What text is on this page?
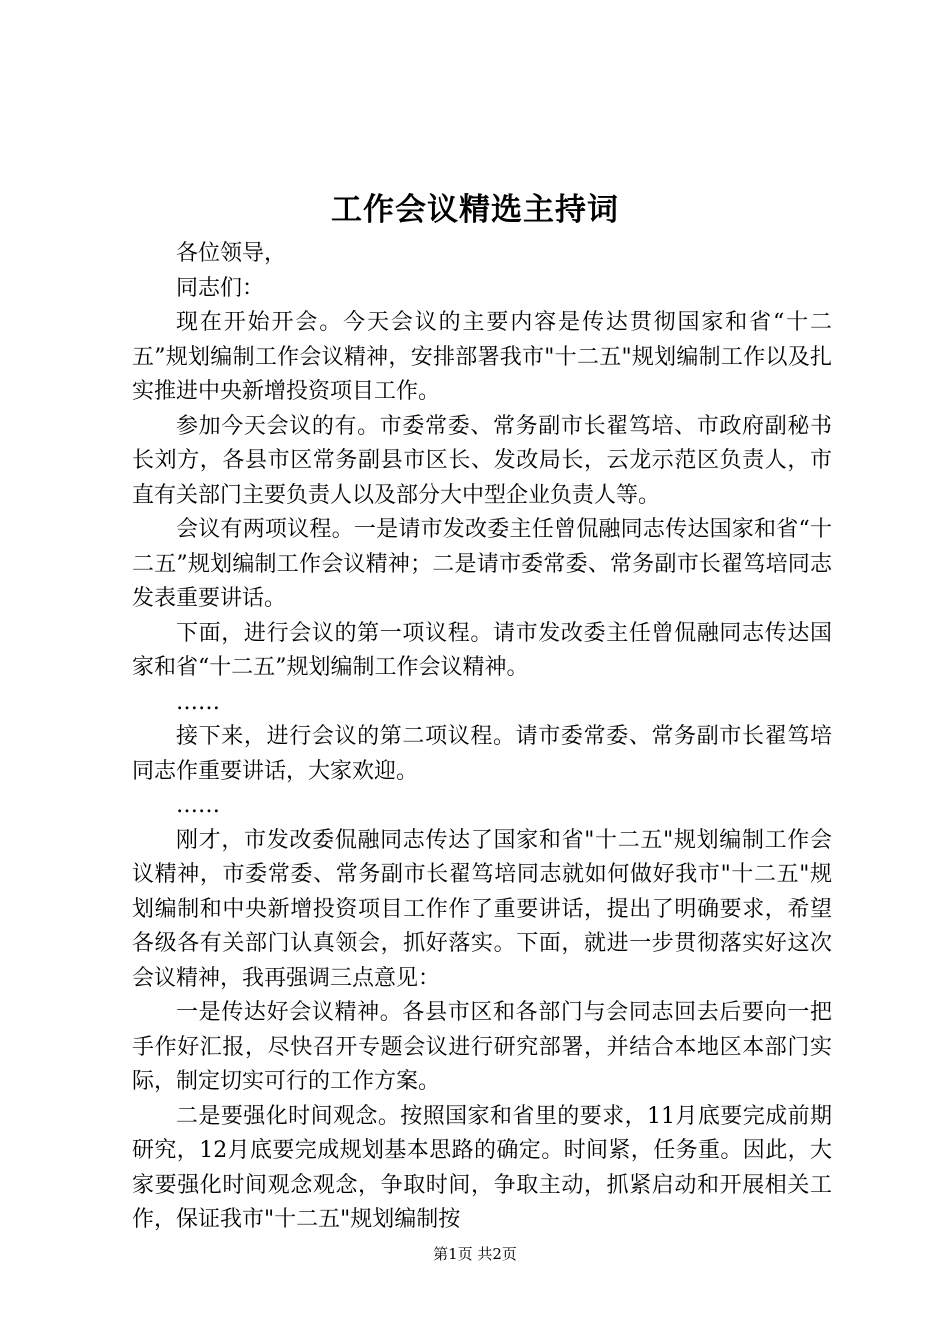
工作会议精选主持词

各位领导，

同志们：

现在开始开会。今天会议的主要内容是传达贯彻国家和省“十二五”规划编制工作会议精神，安排部署我市"十二五"规划编制工作以及扎实推进中央新增投资项目工作。

参加今天会议的有。市委常委、常务副市长翟笃培、市政府副秘书长刘方，各县市区常务副县市区长、发改局长，云龙示范区负责人，市直有关部门主要负责人以及部分大中型企业负责人等。

会议有两项议程。一是请市发改委主任曾侃融同志传达国家和省“十二五”规划编制工作会议精神；二是请市委常委、常务副市长翟笃培同志发表重要讲话。

下面，进行会议的第一项议程。请市发改委主任曾侃融同志传达国家和省“十二五”规划编制工作会议精神。

……

接下来，进行会议的第二项议程。请市委常委、常务副市长翟笃培同志作重要讲话，大家欢迎。

……

刚才，市发改委侃融同志传达了国家和省"十二五"规划编制工作会议精神，市委常委、常务副市长翟笃培同志就如何做好我市"十二五"规划编制和中央新增投资项目工作作了重要讲话，提出了明确要求，希望各级各有关部门认真领会，抓好落实。下面，就进一步贯彻落实好这次会议精神，我再强调三点意见：

一是传达好会议精神。各县市区和各部门与会同志回去后要向一把手作好汇报，尽快召开专题会议进行研究部署，并结合本地区本部门实际，制定切实可行的工作方案。

二是要强化时间观念。按照国家和省里的要求，11月底要完成前期研究，12月底要完成规划基本思路的确定。时间紧，任务重。因此，大家要强化时间观念观念，争取时间，争取主动，抓紧启动和开展相关工作，保证我市"十二五"规划编制按

第1页 共2页
